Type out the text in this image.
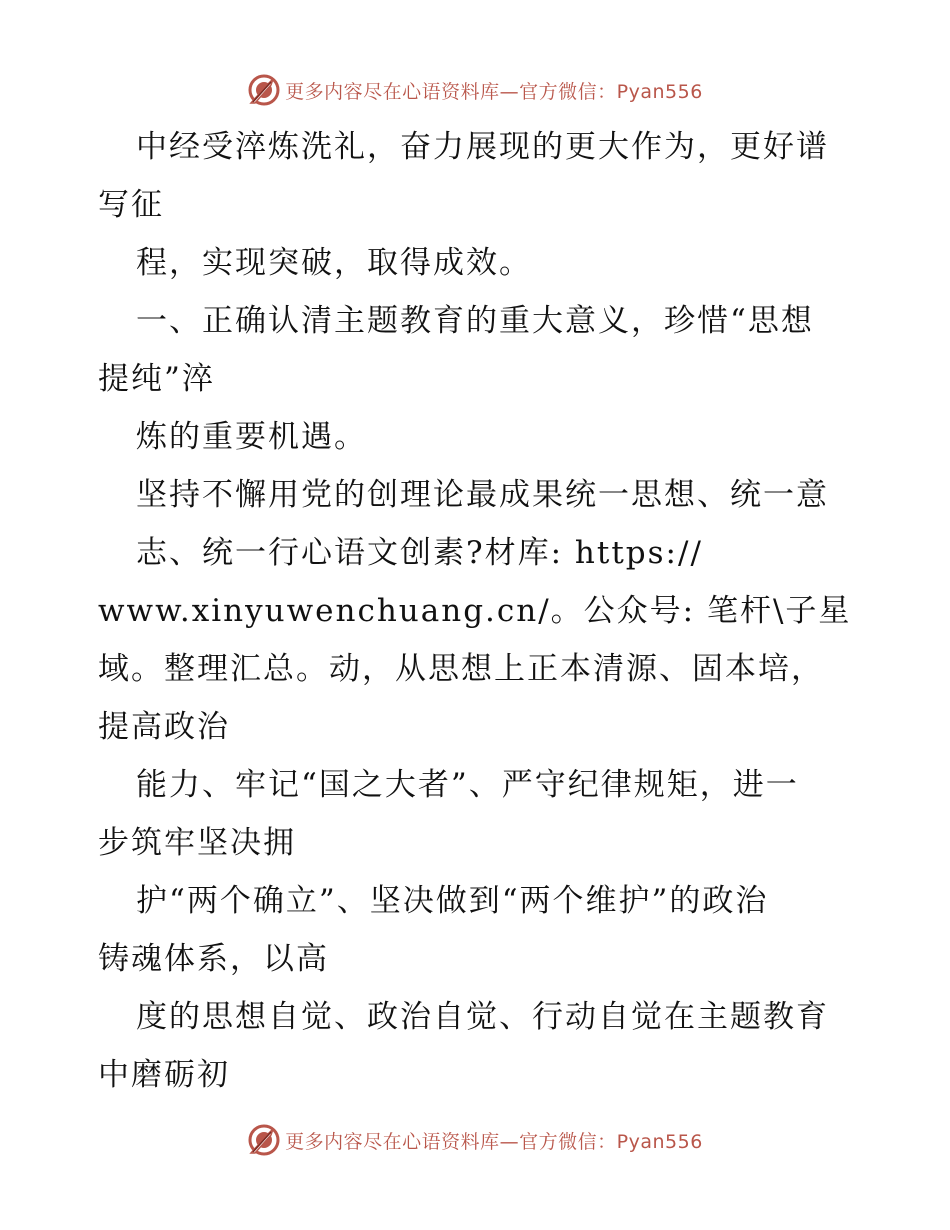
更多内容尽在心语资料库—官方微信：Pyan556
中经受淬炼洗礼，奋力展现的更大作为，更好谱
写征
程，实现突破，取得成效。
一、正确认清主题教育的重大意义，珍惜“思想
提纯”淬
炼的重要机遇。
坚持不懈用党的创理论最成果统一思想、统一意
志、统一行心语文创素?材库: https://
www.xinyuwenchuang.cn/。公众号: 笔杆\子星
域。整理汇总。动，从思想上正本清源、固本培，
提高政治
能力、牢记“国之大者”、严守纪律规矩，进一
步筑牢坚决拥
护“两个确立”、坚决做到“两个维护”的政治
铸魂体系，以高
度的思想自觉、政治自觉、行动自觉在主题教育
中磨砺初
更多内容尽在心语资料库—官方微信：Pyan556
